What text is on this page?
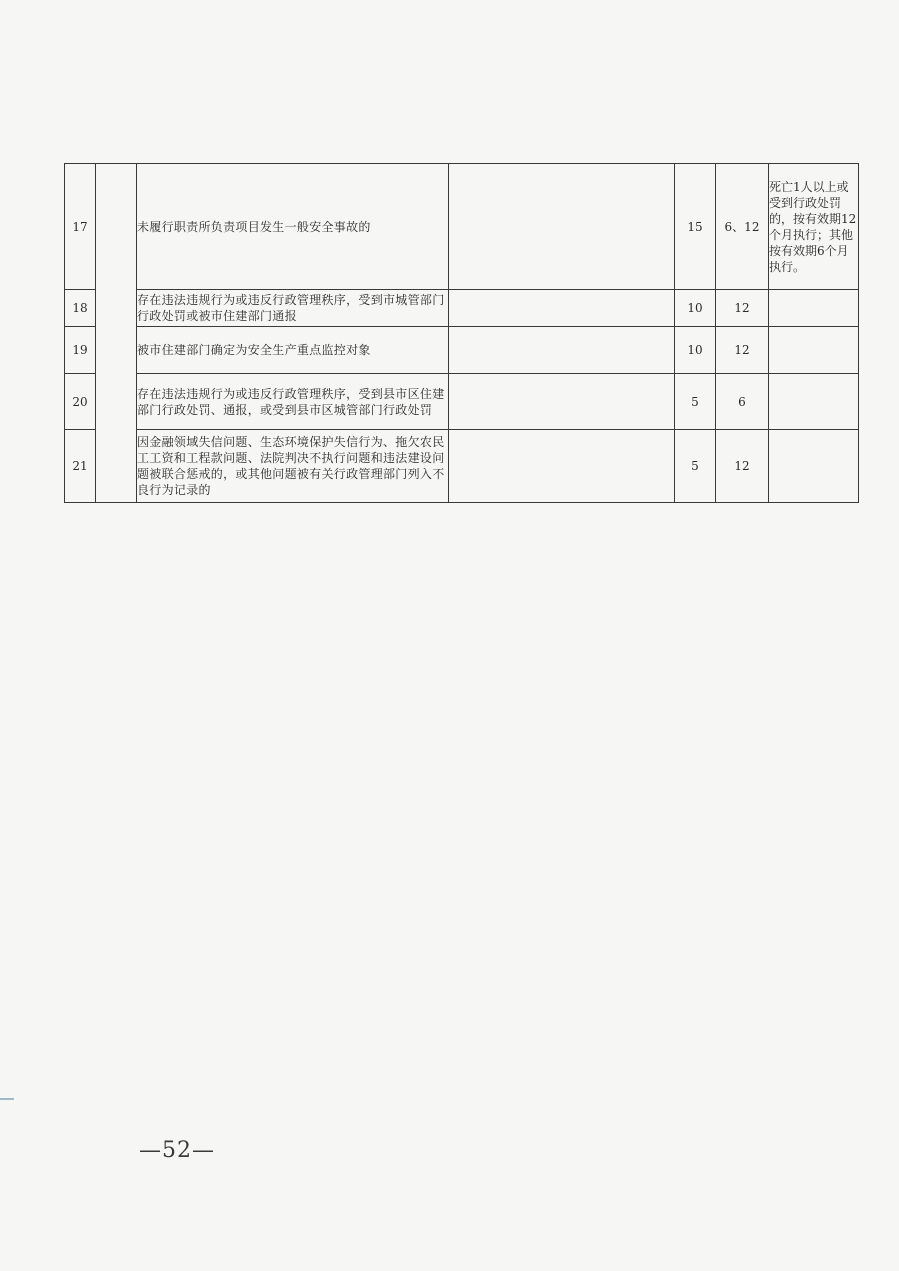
17		未履行职责所负责项目发生一般安全事故的		15	6、12	死亡1人以上或受到行政处罚的，按有效期12个月执行；其他按有效期6个月执行。
18		存在违法违规行为或违反行政管理秩序，受到市城管部门行政处罚或被市住建部门通报		10	12	
19		被市住建部门确定为安全生产重点监控对象		10	12	
20		存在违法违规行为或违反行政管理秩序，受到县市区住建部门行政处罚、通报，或受到县市区城管部门行政处罚		5	6	
21		因金融领域失信问题、生态环境保护失信行为、拖欠农民工工资和工程款问题、法院判决不执行问题和违法建设问题被联合惩戒的，或其他问题被有关行政管理部门列入不良行为记录的		5	12	
—52—
